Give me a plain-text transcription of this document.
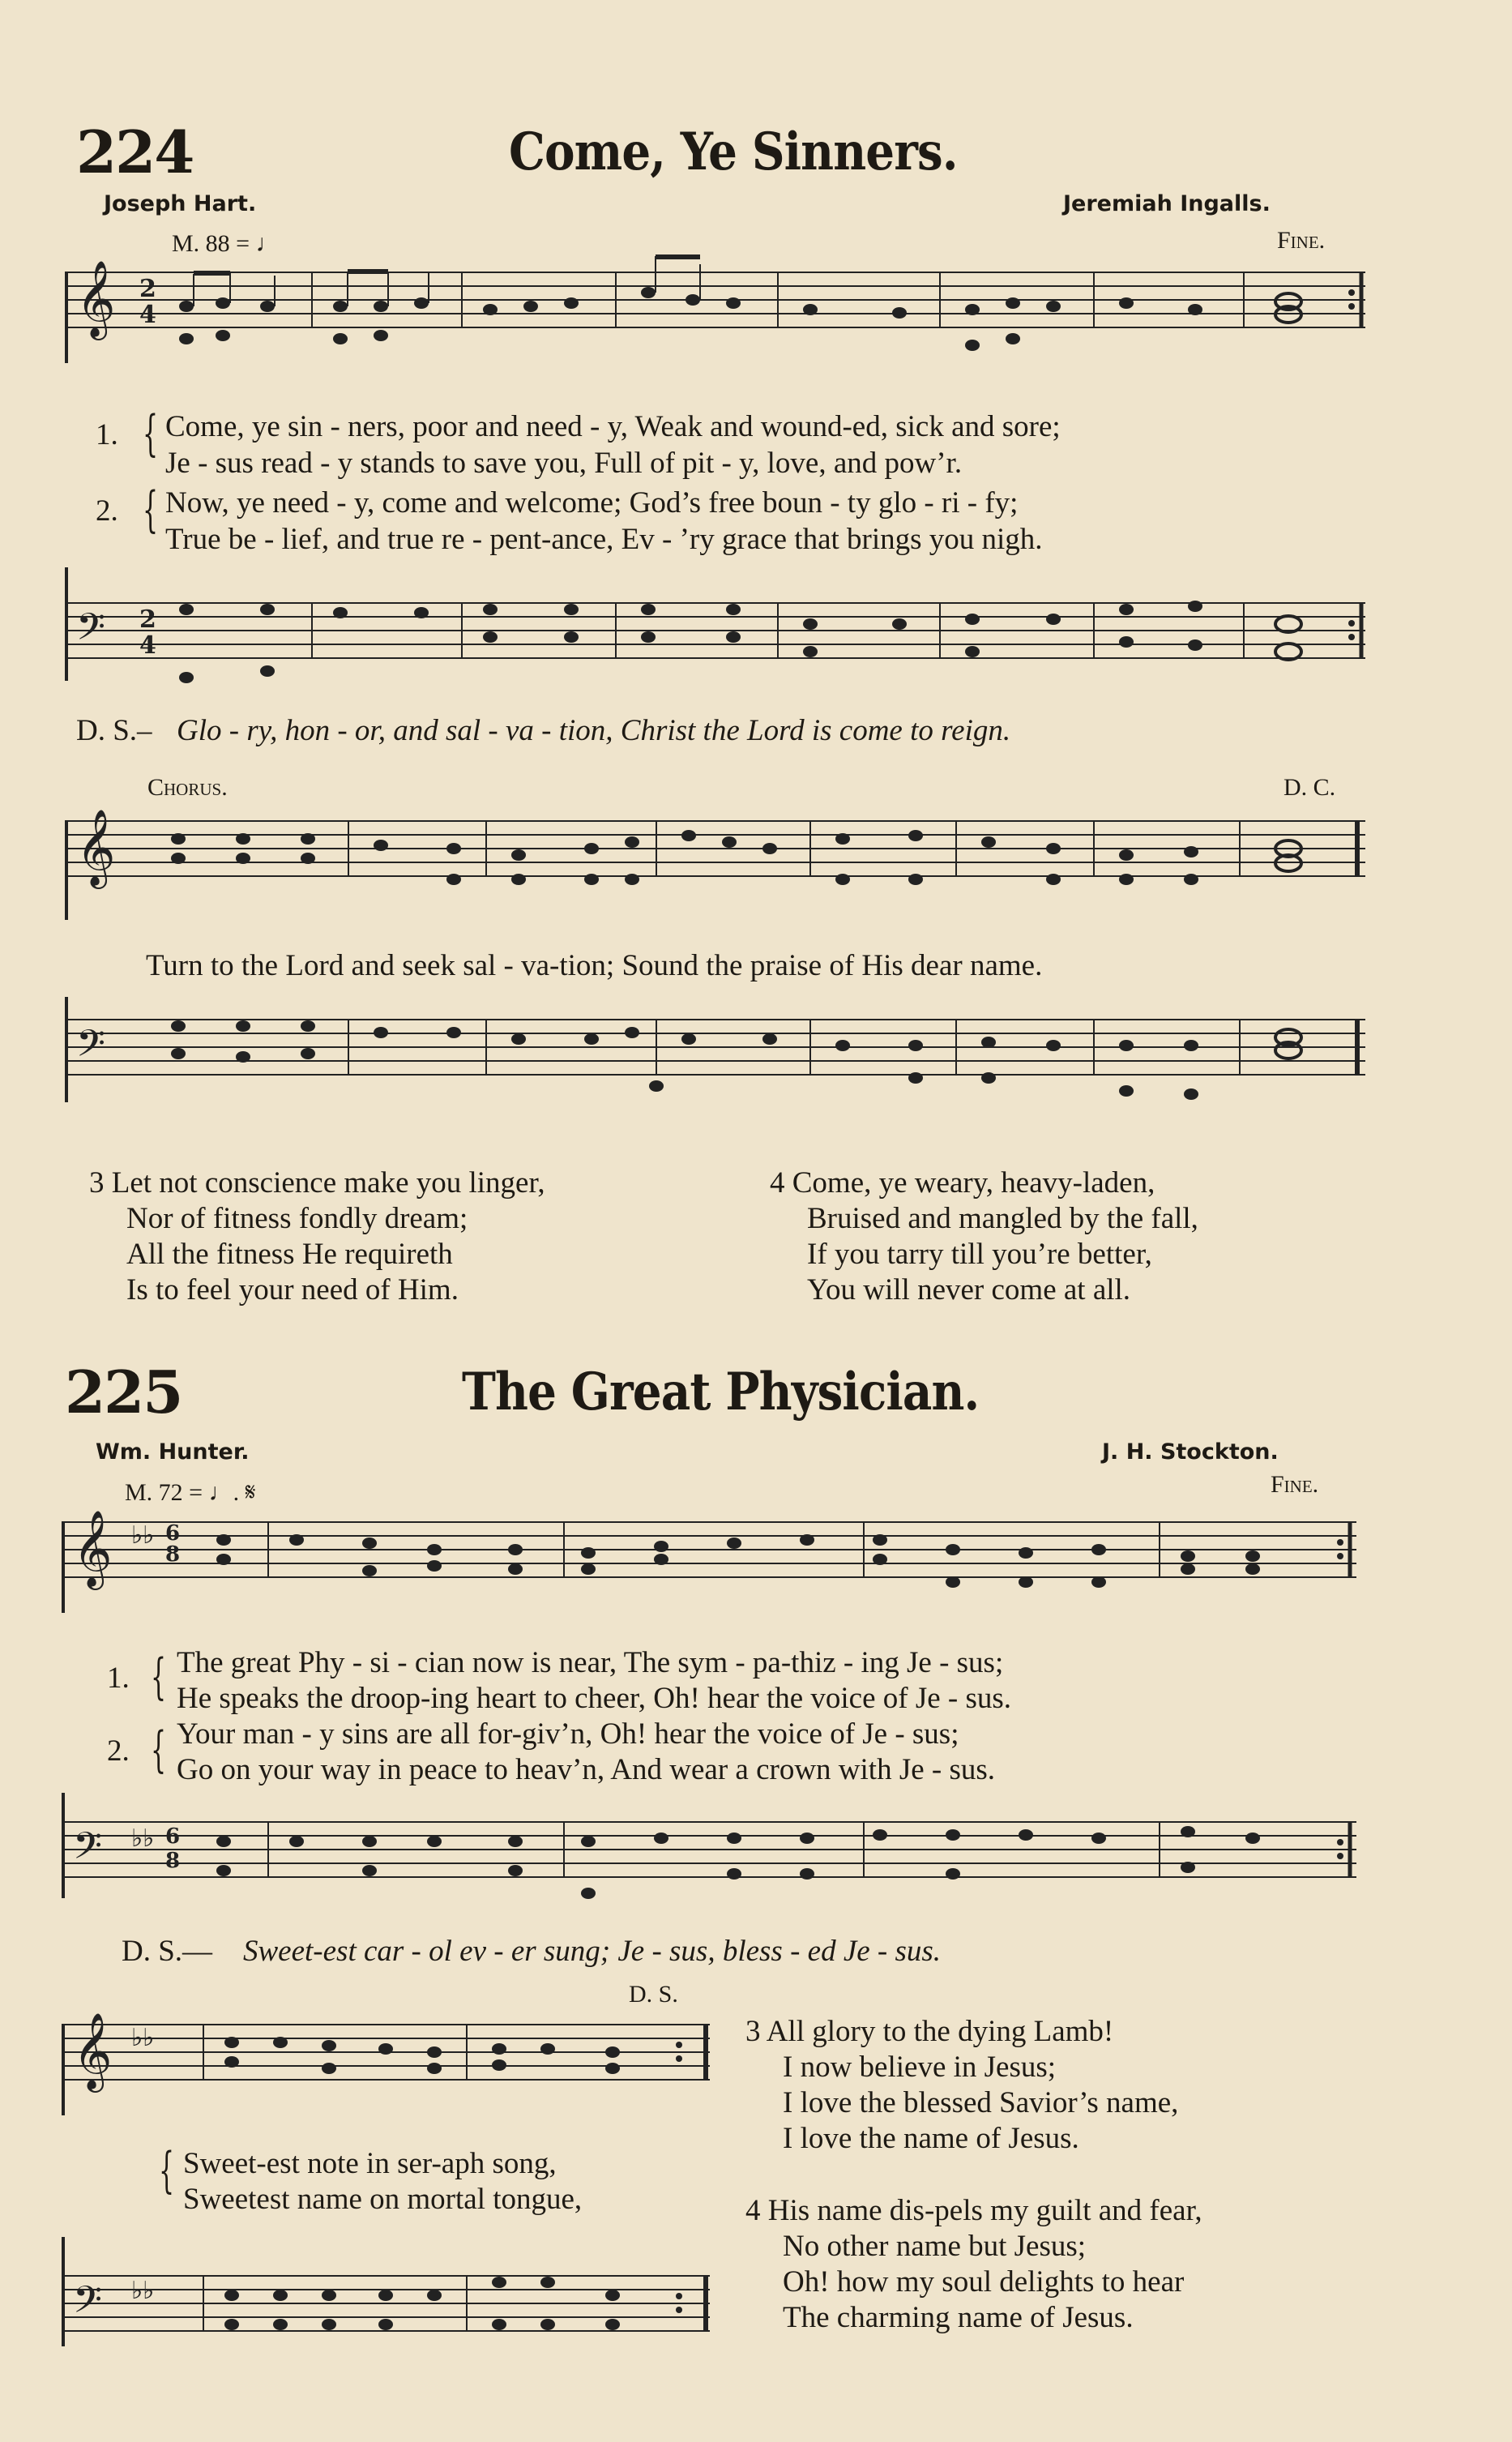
224	Come, Ye Sinners.
Joseph Hart.	Jeremiah Ingalls.
M. 88 = ♩	Fine.
𝄞 2
4
1. { Come, ye sin - ners, poor and need - y, Weak and wound-ed, sick and sore;
Je - sus read - y stands to save you, Full of pit - y, love, and pow’r.
2. { Now, ye need - y, come and welcome; God’s free boun - ty glo - ri - fy;
True be - lief, and true re - pent-ance, Ev - ’ry grace that brings you nigh.
𝄢 2
4
D. S.– Glo - ry, hon - or, and sal - va - tion, Christ the Lord is come to reign.
Chorus.	D. C.
𝄞
Turn to the Lord and seek sal - va-tion; Sound the praise of His dear name.
𝄢
3 Let not conscience make you linger,
Nor of fitness fondly dream;
All the fitness He requireth
Is to feel your need of Him.
4 Come, ye weary, heavy-laden,
Bruised and mangled by the fall,
If you tarry till you’re better,
You will never come at all.
225	The Great Physician.
Wm. Hunter.	J. H. Stockton.
M. 72 = ♩. 𝄋	Fine.
𝄞 ♭♭ 6
8
1. { The great Phy - si - cian now is near, The sym - pa-thiz - ing Je - sus;
He speaks the droop-ing heart to cheer, Oh! hear the voice of Je - sus.
2. { Your man - y sins are all for-giv’n, Oh! hear the voice of Je - sus;
Go on your way in peace to heav’n, And wear a crown with Je - sus.
𝄢 ♭♭ 6
8
D. S.— Sweet-est car - ol ev - er sung; Je - sus, bless - ed Je - sus.
D. S.
𝄞 ♭♭
{ Sweet-est note in ser-aph song,
Sweetest name on mortal tongue,
𝄢 ♭♭
3 All glory to the dying Lamb!
I now believe in Jesus;
I love the blessed Savior’s name,
I love the name of Jesus.
4 His name dis-pels my guilt and fear,
No other name but Jesus;
Oh! how my soul delights to hear
The charming name of Jesus.
